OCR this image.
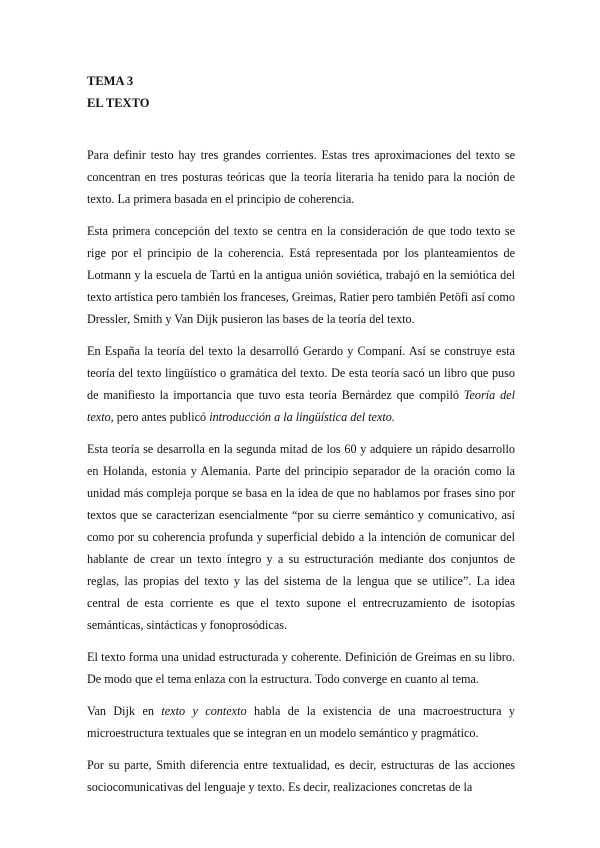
TEMA 3
EL TEXTO

Para definir testo hay tres grandes corrientes. Estas tres aproximaciones del texto se concentran en tres posturas teóricas que la teoría literaria ha tenido para la noción de texto. La primera basada en el principio de coherencia.

Esta primera concepción del texto se centra en la consideración de que todo texto se rige por el principio de la coherencia. Está representada por los planteamientos de Lotmann y la escuela de Tartú en la antigua unión soviética, trabajó en la semiótica del texto artística pero también los franceses, Greimas, Ratier pero también Petöfi así como Dressler, Smith y Van Dijk pusieron las bases de la teoría del texto.

En España la teoría del texto la desarrolló Gerardo y Companí. Así se construye esta teoría del texto lingüístico o gramática del texto. De esta teoría sacó un libro que puso de manifiesto la importancia que tuvo esta teoría Bernárdez que compiló Teoría del texto, pero antes publicó introducción a la lingüística del texto.

Esta teoría se desarrolla en la segunda mitad de los 60 y adquiere un rápido desarrollo en Holanda, estonia y Alemania. Parte del principio separador de la oración como la unidad más compleja porque se basa en la idea de que no hablamos por frases sino por textos que se caracterizan esencialmente “por su cierre semántico y comunicativo, así como por su coherencia profunda y superficial debido a la intención de comunicar del hablante de crear un texto íntegro y a su estructuración mediante dos conjuntos de reglas, las propias del texto y las del sistema de la lengua que se utilice”. La idea central de esta corriente es que el texto supone el entrecruzamiento de isotopías semánticas, sintácticas y fonoprosódicas.

El texto forma una unidad estructurada y coherente. Definición de Greimas en su libro. De modo que el tema enlaza con la estructura. Todo converge en cuanto al tema.

Van Dijk en texto y contexto habla de la existencia de una macroestructura y microestructura textuales que se integran en un modelo semántico y pragmático.

Por su parte, Smith diferencia entre textualidad, es decir, estructuras de las acciones sociocomunicativas del lenguaje y texto. Es decir, realizaciones concretas de la
